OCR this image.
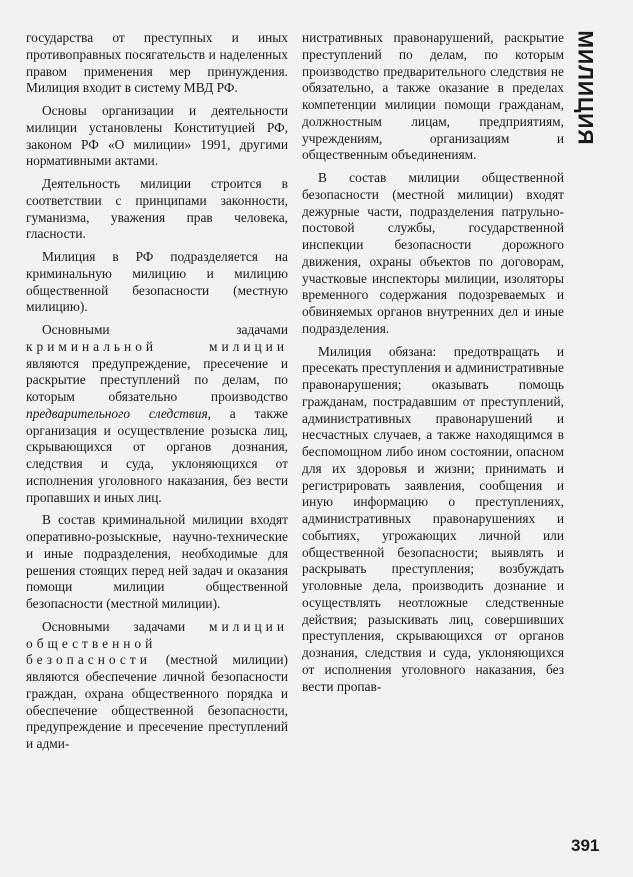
государства от преступных и иных противоправных посягательств и наделенных правом применения мер принуждения. Милиция входит в систему МВД РФ.

Основы организации и деятельности милиции установлены Конституцией РФ, законом РФ «О милиции» 1991, другими нормативными актами.

Деятельность милиции строится в соответствии с принципами законности, гуманизма, уважения прав человека, гласности.

Милиция в РФ подразделяется на криминальную милицию и милицию общественной безопасности (местную милицию).

Основными задачами криминальной милиции являются предупреждение, пресечение и раскрытие преступлений по делам, по которым обязательно производство предварительного следствия, а также организация и осуществление розыска лиц, скрывающихся от органов дознания, следствия и суда, уклоняющихся от исполнения уголовного наказания, без вести пропавших и иных лиц.

В состав криминальной милиции входят оперативно-розыскные, научно-технические и иные подразделения, необходимые для решения стоящих перед ней задач и оказания помощи милиции общественной безопасности (местной милиции).

Основными задачами милиции общественной безопасности (местной милиции) являются обеспечение личной безопасности граждан, охрана общественного порядка и обеспечение общественной безопасности, предупреждение и пресечение преступлений и адми-

нистративных правонарушений, раскрытие преступлений по делам, по которым производство предварительного следствия не обязательно, а также оказание в пределах компетенции милиции помощи гражданам, должностным лицам, предприятиям, учреждениям, организациям и общественным объединениям.

В состав милиции общественной безопасности (местной милиции) входят дежурные части, подразделения патрульно-постовой службы, государственной инспекции безопасности дорожного движения, охраны объектов по договорам, участковые инспекторы милиции, изоляторы временного содержания подозреваемых и обвиняемых органов внутренних дел и иные подразделения.

Милиция обязана: предотвращать и пресекать преступления и административные правонарушения; оказывать помощь гражданам, пострадавшим от преступлений, административных правонарушений и несчастных случаев, а также находящимся в беспомощном либо ином состоянии, опасном для их здоровья и жизни; принимать и регистрировать заявления, сообщения и иную информацию о преступлениях, административных правонарушениях и событиях, угрожающих личной или общественной безопасности; выявлять и раскрывать преступления; возбуждать уголовные дела, производить дознание и осуществлять неотложные следственные действия; разыскивать лиц, совершивших преступления, скрывающихся от органов дознания, следствия и суда, уклоняющихся от исполнения уголовного наказания, без вести пропав-

МИЛИЦИЯ
391
